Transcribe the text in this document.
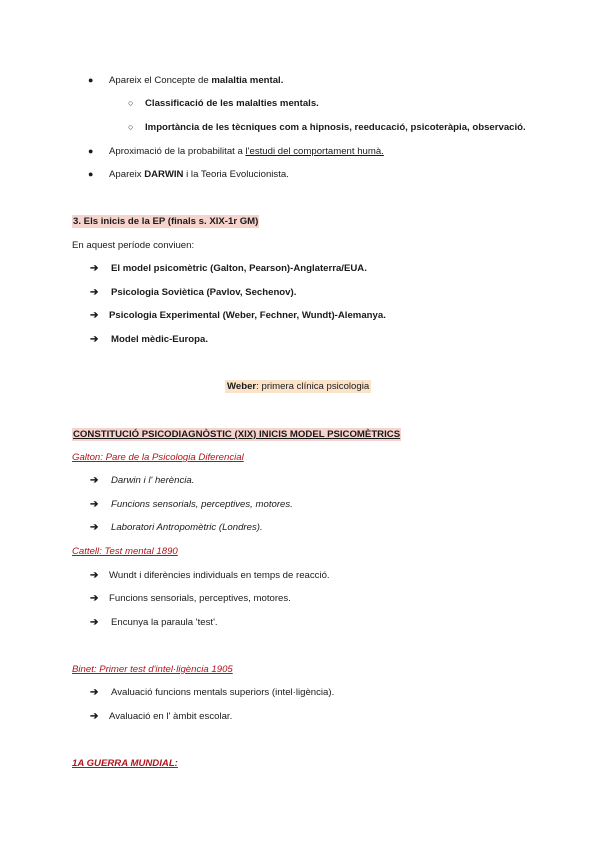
● Apareix el Concepte de malaltia mental.
○ Classificació de les malalties mentals.
○ Importància de les tècniques com a hipnosis, reeducació, psicoteràpia, observació.
● Aproximació de la probabilitat a l'estudi del comportament humà.
● Apareix DARWIN i la Teoria Evolucionista.
3. Els inicis de la EP (finals s. XIX-1r GM)
En aquest període conviuen:
➔ El model psicomètric (Galton, Pearson)-Anglaterra/EUA.
➔ Psicologia Soviètica (Pavlov, Sechenov).
➔ Psicologia Experimental (Weber, Fechner, Wundt)-Alemanya.
➔ Model mèdic-Europa.
Weber: primera clínica psicologia
CONSTITUCIÓ PSICODIAGNÒSTIC (XIX) INICIS MODEL PSICOMÈTRICS
Galton: Pare de la Psicologia Diferencial
➔ Darwin i l' herència.
➔ Funcions sensorials, perceptives, motores.
➔ Laboratori Antropomètric (Londres).
Cattell: Test mental 1890
➔ Wundt i diferències individuals en temps de reacció.
➔ Funcions sensorials, perceptives, motores.
➔ Encunya la paraula 'test'.
Binet: Primer test d'intel·ligència 1905
➔ Avaluació funcions mentals superiors (intel·ligència).
➔ Avaluació en l' àmbit escolar.
1A GUERRA MUNDIAL:
